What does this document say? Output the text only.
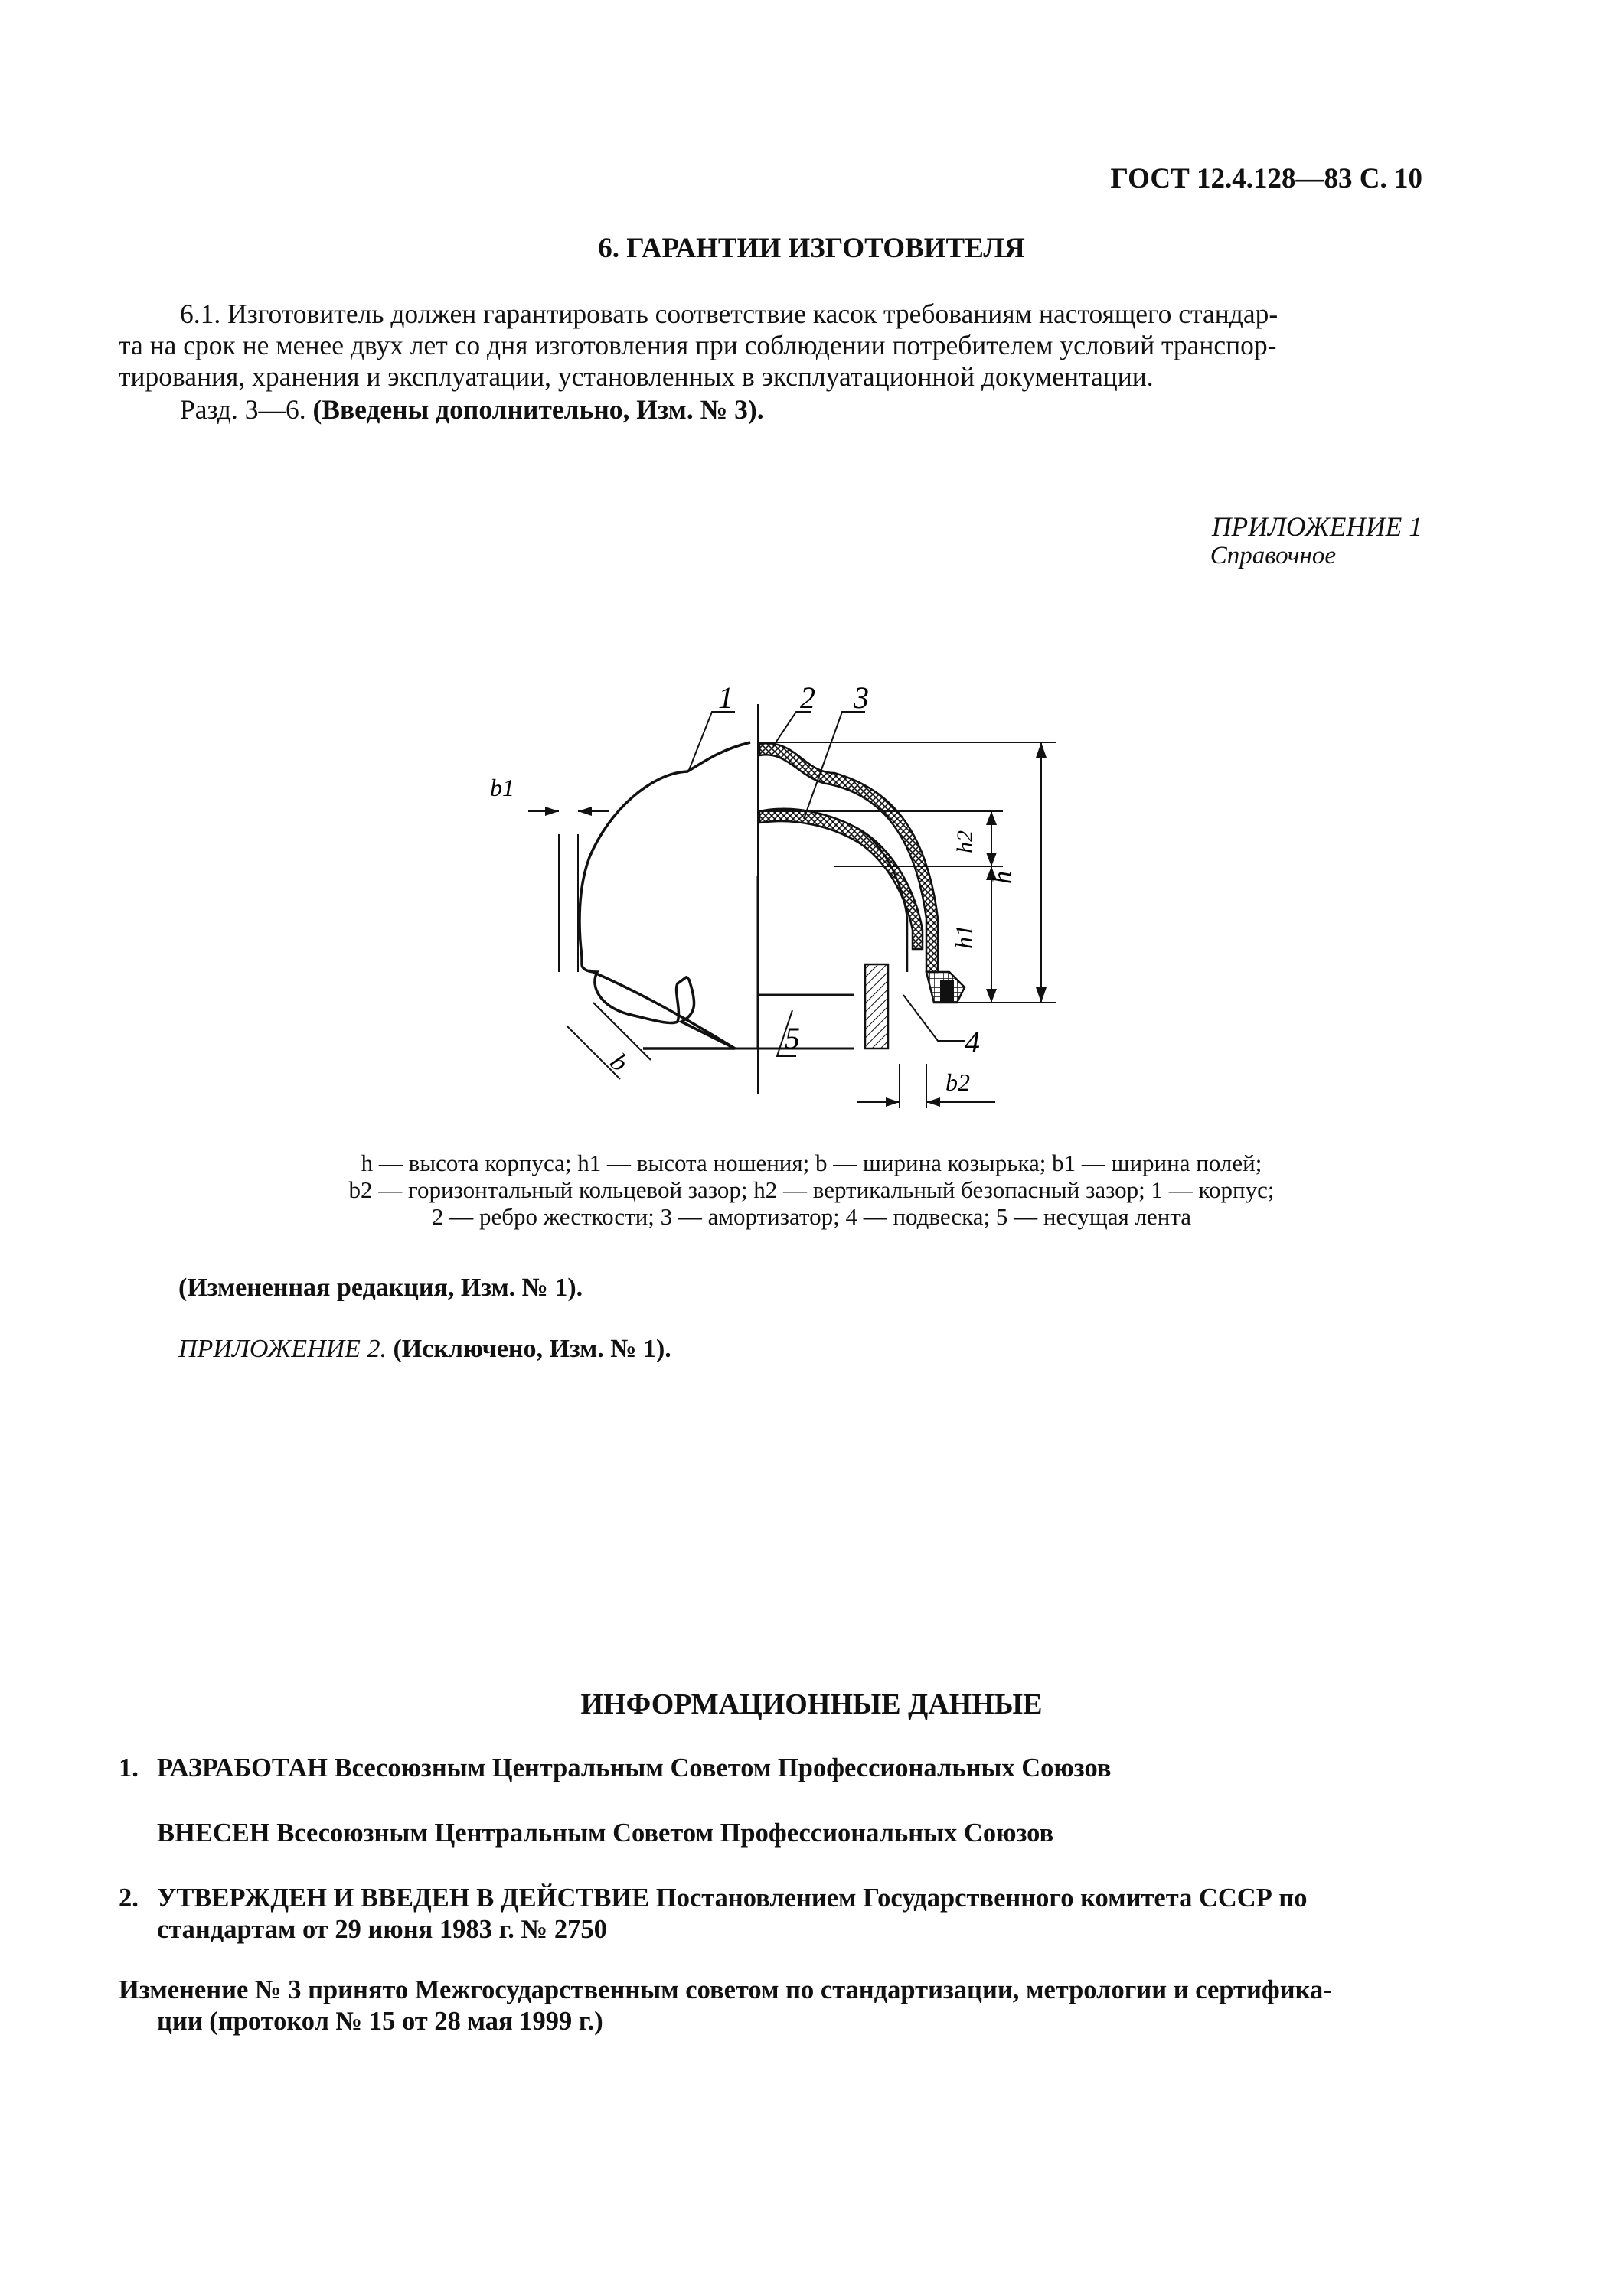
ГОСТ 12.4.128—83 С. 10
6. ГАРАНТИИ ИЗГОТОВИТЕЛЯ
6.1. Изготовитель должен гарантировать соответствие касок требованиям настоящего стандар-
та на срок не менее двух лет со дня изготовления при соблюдении потребителем условий транспор-
тирования, хранения и эксплуатации, установленных в эксплуатационной документации.
Разд. 3—6. (Введены дополнительно, Изм. № 3).
ПРИЛОЖЕНИЕ 1
Справочное
1 2 3
4
5
b1
b
b2
h
h1
h2
h — высота корпуса; h1 — высота ношения; b — ширина козырька; b1 — ширина полей;
b2 — горизонтальный кольцевой зазор; h2 — вертикальный безопасный зазор; 1 — корпус;
2 — ребро жесткости; 3 — амортизатор; 4 — подвеска; 5 — несущая лента
(Измененная редакция, Изм. № 1).
ПРИЛОЖЕНИЕ 2. (Исключено, Изм. № 1).
ИНФОРМАЦИОННЫЕ ДАННЫЕ
1. РАЗРАБОТАН Всесоюзным Центральным Советом Профессиональных Союзов
ВНЕСЕН Всесоюзным Центральным Советом Профессиональных Союзов
2. УТВЕРЖДЕН И ВВЕДЕН В ДЕЙСТВИЕ Постановлением Государственного комитета СССР по
стандартам от 29 июня 1983 г. № 2750
Изменение № 3 принято Межгосударственным советом по стандартизации, метрологии и сертифика-
ции (протокол № 15 от 28 мая 1999 г.)
